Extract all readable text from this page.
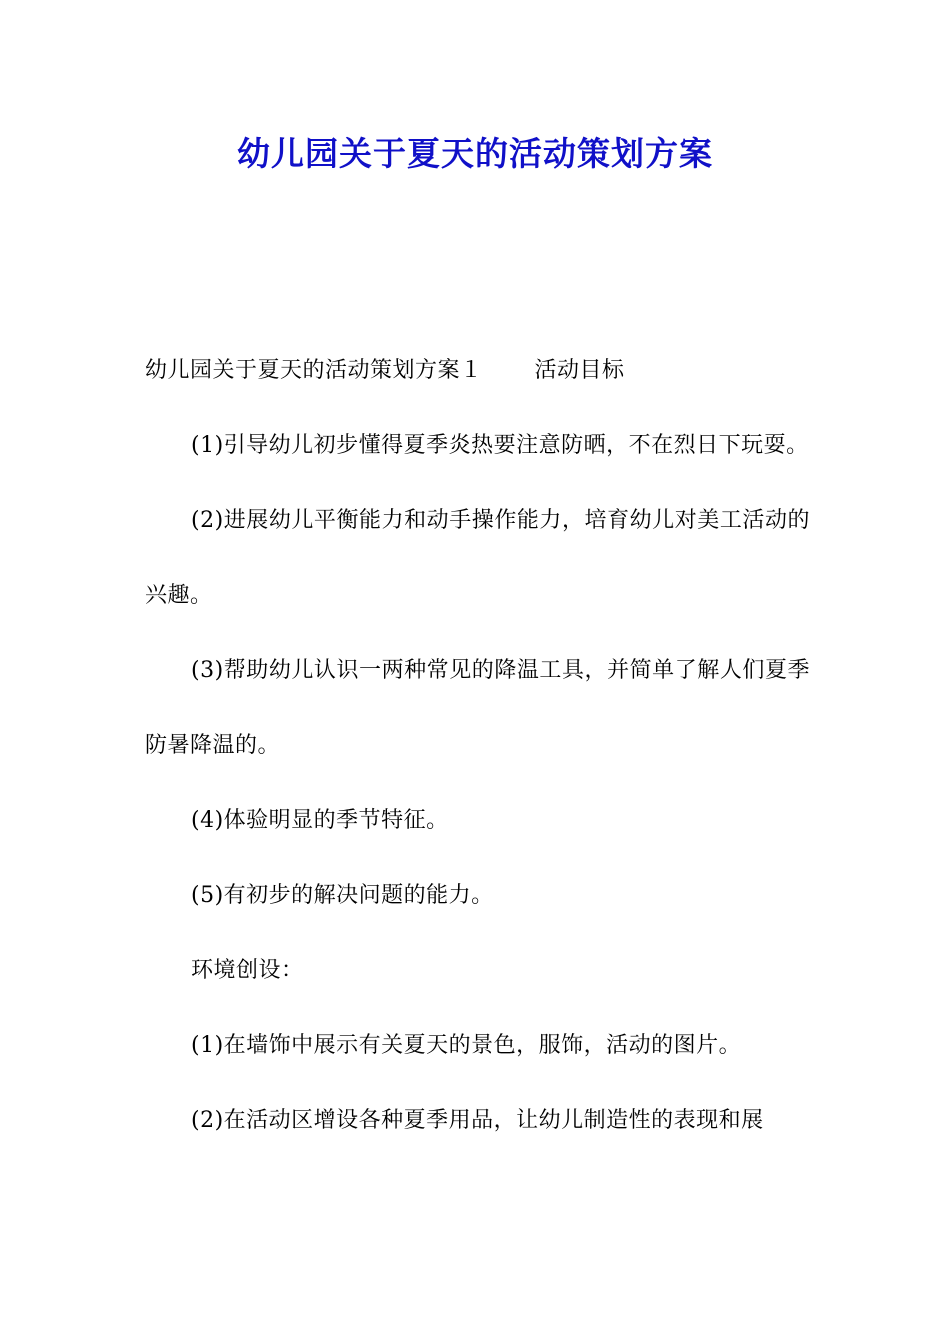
幼儿园关于夏天的活动策划方案

幼儿园关于夏天的活动策划方案１ 活动目标

(1)引导幼儿初步懂得夏季炎热要注意防晒，不在烈日下玩耍。

(2)进展幼儿平衡能力和动手操作能力，培育幼儿对美工活动的兴趣。

(3)帮助幼儿认识一两种常见的降温工具，并简单了解人们夏季防暑降温的。

(4)体验明显的季节特征。

(5)有初步的解决问题的能力。

环境创设：

(1)在墙饰中展示有关夏天的景色，服饰，活动的图片。

(2)在活动区增设各种夏季用品，让幼儿制造性的表现和展
